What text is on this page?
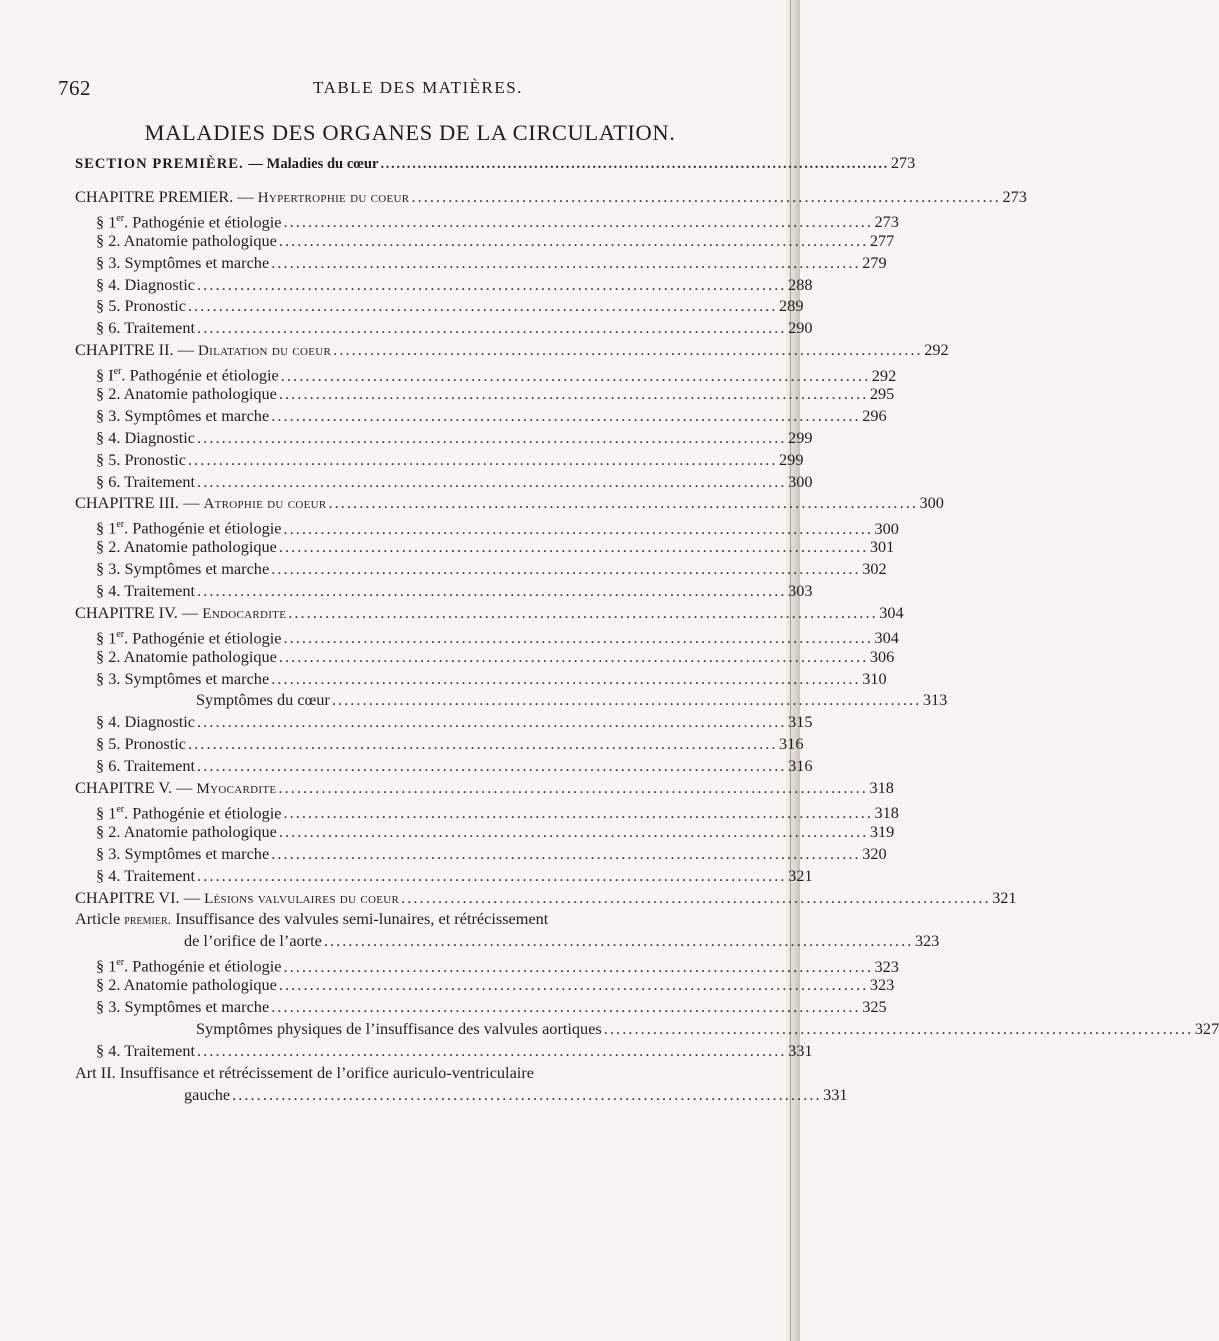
762	TABLE DES MATIÈRES.
MALADIES DES ORGANES DE LA CIRCULATION.
SECTION PREMIÈRE. — Maladies du cœur . . .	273
CHAPITRE PREMIER. — Hypertrophie du coeur . . .	273
§ 1er. Pathogénie et étiologie . . .	273
§ 2. Anatomie pathologique . . .	277
§ 3. Symptômes et marche . . .	279
§ 4. Diagnostic . . .	288
§ 5. Pronostic . . .	289
§ 6. Traitement . . .	290
CHAPITRE II. — Dilatation du coeur . . .	292
§ Ier. Pathogénie et étiologie . . .	292
§ 2. Anatomie pathologique . . .	295
§ 3. Symptômes et marche . . .	296
§ 4. Diagnostic . . .	299
§ 5. Pronostic . . .	299
§ 6. Traitement . . .	300
CHAPITRE III. — Atrophie du coeur . . .	300
§ 1er. Pathogénie et étiologie . . .	300
§ 2. Anatomie pathologique . . .	301
§ 3. Symptômes et marche . . .	302
§ 4. Traitement . . .	303
CHAPITRE IV. — Endocardite . . .	304
§ 1er. Pathogénie et étiologie . . .	304
§ 2. Anatomie pathologique . . .	306
§ 3. Symptômes et marche . . .	310
Symptômes du cœur . . .	313
§ 4. Diagnostic . . .	315
§ 5. Pronostic . . .	316
§ 6. Traitement . . .	316
CHAPITRE V. — Myocardite . . .	318
§ 1er. Pathogénie et étiologie . . .	318
§ 2. Anatomie pathologique . . .	319
§ 3. Symptômes et marche . . .	320
§ 4. Traitement . . .	321
CHAPITRE VI. — Lésions valvulaires du coeur . . .	321
Article premier. Insuffisance des valvules semi-lunaires, et rétrécissement
de l’orifice de l’aorte . . .	323
§ 1er. Pathogénie et étiologie . . .	323
§ 2. Anatomie pathologique . . .	323
§ 3. Symptômes et marche . . .	325
Symptômes physiques de l’insuffisance des valvules aortiques . . .	327
§ 4. Traitement . . .	331
Art II. Insuffisance et rétrécissement de l’orifice auriculo-ventriculaire
gauche . . .	331
